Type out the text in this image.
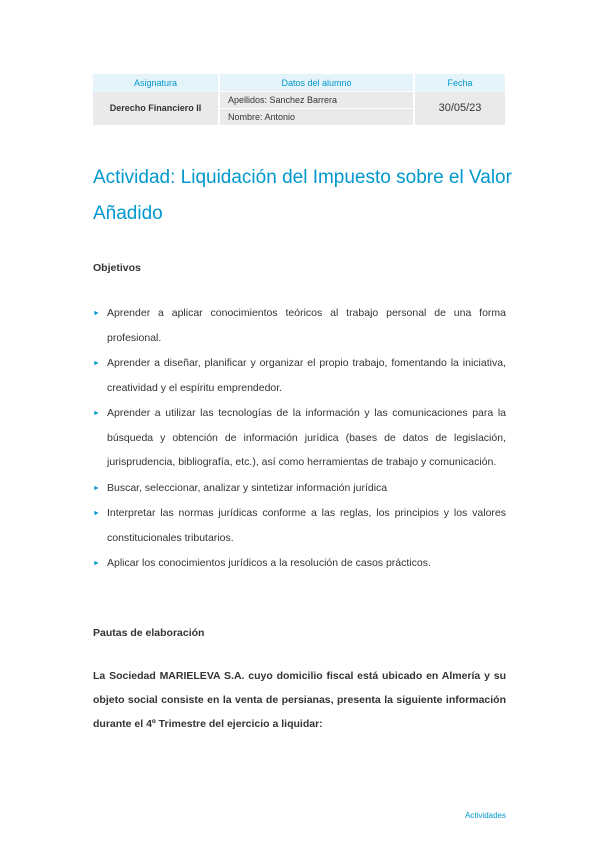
Asignatura	Datos del alumno	Fecha
Derecho Financiero II	Apellidos: Sanchez Barrera	30/05/23
	Nombre: Antonio	
Actividad: Liquidación del Impuesto sobre el Valor Añadido
Objetivos
► Aprender a aplicar conocimientos teóricos al trabajo personal de una forma profesional.
► Aprender a diseñar, planificar y organizar el propio trabajo, fomentando la iniciativa, creatividad y el espíritu emprendedor.
► Aprender a utilizar las tecnologías de la información y las comunicaciones para la búsqueda y obtención de información jurídica (bases de datos de legislación, jurisprudencia, bibliografía, etc.), así como herramientas de trabajo y comunicación.
► Buscar, seleccionar, analizar y sintetizar información jurídica
► Interpretar las normas jurídicas conforme a las reglas, los principios y los valores constitucionales tributarios.
► Aplicar los conocimientos jurídicos a la resolución de casos prácticos.
Pautas de elaboración

La Sociedad MARIELEVA S.A. cuyo domicilio fiscal está ubicado en Almería y su objeto social consiste en la venta de persianas, presenta la siguiente información durante el 4º Trimestre del ejercicio a liquidar:

Actividades
